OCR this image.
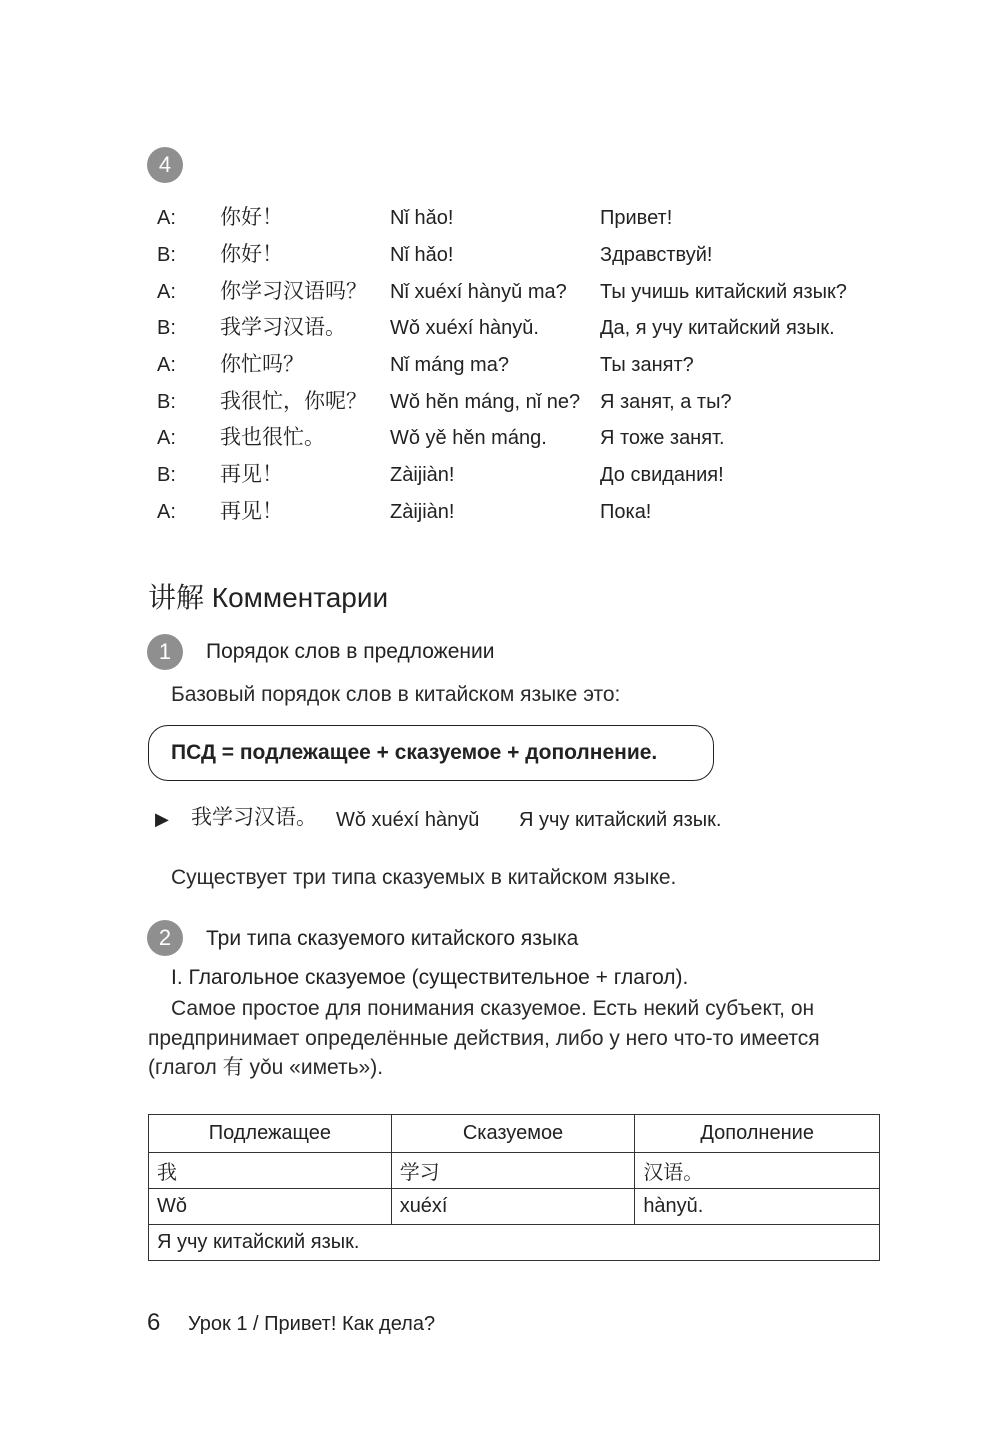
4
A: 你好！	Nǐ hǎo!	Привет!
B: 你好！	Nǐ hǎo!	Здравствуй!
A: 你学习汉语吗？ Nǐ xuéxí hànyǔ ma? Ты учишь китайский язык?
B: 我学习汉语。 Wǒ xuéxí hànyǔ.	Да, я учу китайский язык.
A: 你忙吗？	Nǐ máng ma?	Ты занят?
B: 我很忙，你呢？ Wǒ hěn máng, nǐ ne? Я занят, а ты?
A: 我也很忙。	Wǒ yě hěn máng.	Я тоже занят.
B: 再见！	Zàijiàn!	До свидания!
A: 再见！	Zàijiàn!	Пока!
讲解 Комментарии
1 Порядок слов в предложении
Базовый порядок слов в китайском языке это:
ПСД = подлежащее + сказуемое + дополнение.
▶ 我学习汉语。 Wǒ xuéxí hànyǔ Я учу китайский язык.
Существует три типа сказуемых в китайском языке.
2 Три типа сказуемого китайского языка
I. Глагольное сказуемое (существительное + глагол).
Самое простое для понимания сказуемое. Есть некий субъект, он
предпринимает определённые действия, либо у него что-то имеется
(глагол 有 yǒu «иметь»).
Подлежащее	Сказуемое	Дополнение
我	学习	汉语。
Wǒ	xuéxí	hànyǔ.
Я учу китайский язык.		
6 Урок 1 / Привет! Как дела?
